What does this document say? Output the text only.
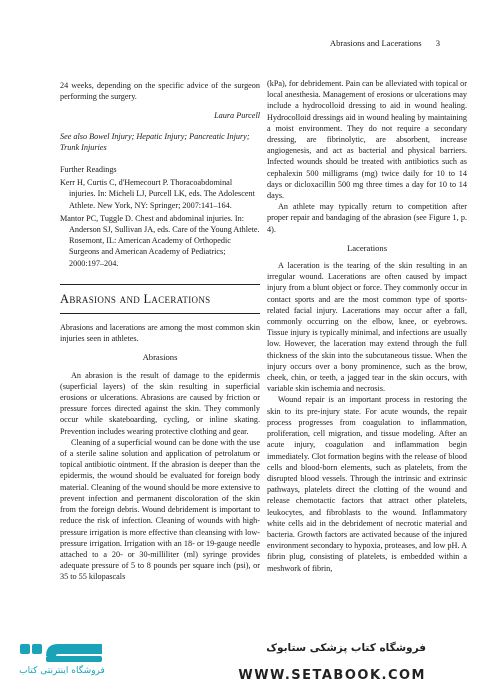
Abrasions and Lacerations 3

24 weeks, depending on the specific advice of the surgeon performing the surgery.

Laura Purcell

See also Bowel Injury; Hepatic Injury; Pancreatic Injury; Trunk Injuries

Further Readings

Kerr H, Curtis C, d'Hemecourt P. Thoracoabdominal injuries. In: Micheli LJ, Purcell LK, eds. The Adolescent Athlete. New York, NY: Springer; 2007:141–164.

Mantor PC, Tuggle D. Chest and abdominal injuries. In: Anderson SJ, Sullivan JA, eds. Care of the Young Athlete. Rosemont, IL: American Academy of Orthopedic Surgeons and American Academy of Pediatrics; 2000:197–204.

Abrasions and Lacerations

Abrasions and lacerations are among the most common skin injuries seen in athletes.

Abrasions

An abrasion is the result of damage to the epidermis (superficial layers) of the skin resulting in superficial erosions or ulcerations. Abrasions are caused by friction or pressure forces directed against the skin. They commonly occur while skateboarding, cycling, or inline skating. Prevention includes wearing protective clothing and gear.

Cleaning of a superficial wound can be done with the use of a sterile saline solution and application of petrolatum or topical antibiotic ointment. If the abrasion is deeper than the epidermis, the wound should be evaluated for foreign body material. Cleaning of the wound should be more extensive to prevent infection and permanent discoloration of the skin from the foreign debris. Wound debridement is important to reduce the risk of infection. Cleaning of wounds with high-pressure irrigation is more effective than cleansing with low-pressure irrigation. Irrigation with an 18- or 19-gauge needle attached to a 20- or 30-milliliter (ml) syringe provides adequate pressure of 5 to 8 pounds per square inch (psi), or 35 to 55 kilopascals

(kPa), for debridement. Pain can be alleviated with topical or local anesthesia. Management of erosions or ulcerations may include a hydrocolloid dressing to aid in wound healing. Hydrocolloid dressings aid in wound healing by maintaining a moist environment. They do not require a secondary dressing, are fibrinolytic, are absorbent, increase angiogenesis, and act as bacterial and physical barriers. Infected wounds should be treated with antibiotics such as cephalexin 500 milligrams (mg) twice daily for 10 to 14 days or dicloxacillin 500 mg three times a day for 10 to 14 days.

An athlete may typically return to competition after proper repair and bandaging of the abrasion (see Figure 1, p. 4).

Lacerations

A laceration is the tearing of the skin resulting in an irregular wound. Lacerations are often caused by impact injury from a blunt object or force. They commonly occur in contact sports and are the most common type of sports-related facial injury. Lacerations may occur after a fall, commonly occurring on the elbow, knee, or eyebrows. Tissue injury is typically minimal, and infections are usually low. However, the laceration may extend through the full thickness of the skin into the subcutaneous tissue. When the injury occurs over a bony prominence, such as the brow, cheek, chin, or teeth, a jagged tear in the skin occurs, with variable skin ischemia and necrosis.

Wound repair is an important process in restoring the skin to its pre-injury state. For acute wounds, the repair process progresses from coagulation to inflammation, proliferation, cell migration, and tissue modeling. After an acute injury, coagulation and inflammation begin immediately. Clot formation begins with the release of blood cells and blood-born elements, such as platelets, from the disrupted blood vessels. Through the intrinsic and extrinsic pathways, platelets direct the clotting of the wound and release chemotactic factors that attract other platelets, leukocytes, and fibroblasts to the wound. Inflammatory white cells aid in the debridement of necrotic material and bacteria. Growth factors are activated because of the injured environment secondary to hypoxia, proteases, and low pH. A fibrin plug, consisting of platelets, is embedded within a meshwork of fibrin,

فروشگاه اینترنتی کتاب
فروشگاه کتاب پزشکی ستابوک
WWW.SETABOOK.COM
